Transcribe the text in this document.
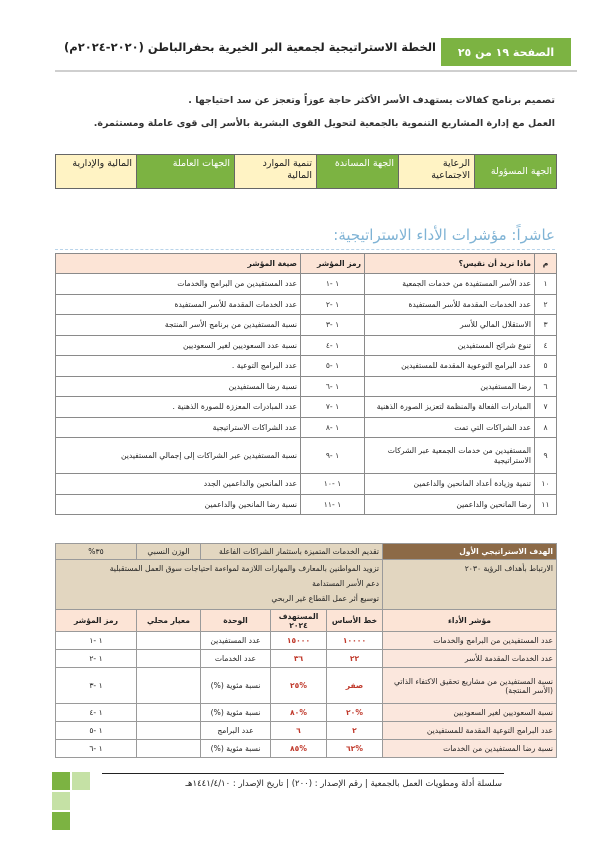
الصفحة ١٩ من ٢٥
الخطة الاستراتيجية لجمعية البر الخيرية بحفرالباطن (٢٠٢٠-٢٠٢٤م)
تصميم برنامج كفالات يستهدف الأسر الأكثر حاجة عوزاً وتعجز عن سد احتياجها .
العمل مع إدارة المشاريع التنموية بالجمعية لتحويل القوى البشرية بالأسر إلى قوى عاملة ومستثمرة.
الجهة المسؤولة	الرعاية الاجتماعية	الجهة المساندة	تنمية الموارد المالية	الجهات العاملة	المالية والإدارية
عاشراً: مؤشرات الأداء الاستراتيجية:
م	ماذا نريد أن نقيس؟	رمز المؤشر	صيغة المؤشر
١	عدد الأسر المستفيدة من خدمات الجمعية	١ -١	عدد المستفيدين من البرامج والخدمات
٢	عدد الخدمات المقدمة للأسر المستفيدة	١ -٢	عدد الخدمات المقدمة للأسر المستفيدة
٣	الاستقلال المالي للأسر	١ -٣	نسبة المستفيدين من برنامج الأسر المنتجة
٤	تنوع شرائح المستفيدين	١ -٤	نسبة عدد السعوديين لغير السعوديين
٥	عدد البرامج التوعوية المقدمة للمستفيدين	١ -٥	عدد البرامج التوعية .
٦	رضا المستفيدين	١ -٦	نسبة رضا المستفيدين
٧	المبادرات الفعالة والمنظمة لتعزيز الصورة الذهنية	١ -٧	عدد المبادرات المعززة للصورة الذهنية .
٨	عدد الشراكات التي تمت	١ -٨	عدد الشراكات الاستراتيجية
٩	المستفيدين من خدمات الجمعية عبر الشركات الاستراتيجية	١ -٩	نسبة المستفيدين عبر الشراكات إلى إجمالي المستفيدين
١٠	تنمية وزيادة أعداد المانحين والداعمين	١ -١٠	عدد المانحين والداعمين الجدد
١١	رضا المانحين والداعمين	١ -١١	نسبة رضا المانحين والداعمين
الهدف الاستراتيجي الأول	تقديم الخدمات المتميزة باستثمار الشراكات الفاعلة			الوزن النسبي	٣٥%
الارتباط بأهداف الرؤية ٢٠٣٠	تزويد المواطنين بالمعارف والمهارات اللازمة لمواءمة احتياجات سوق العمل المستقبلية
دعم الأسر المستدامة
توسيع أثر عمل القطاع غير الربحي				

مؤشر الأداء	خط الأساس	المستهدف ٢٠٢٤	الوحدة	معيار محلي	رمز المؤشر
عدد المستفيدين من البرامج والخدمات	١٠٠٠٠	١٥٠٠٠	عدد المستفيدين		١ -١
عدد الخدمات المقدمة للأسر	٢٢	٣٦	عدد الخدمات		١ -٢
نسبة المستفيدين من مشاريع تحقيق الاكتفاء الذاتي (الأسر المنتجة)	صفر	%٢٥	نسبة مئوية (%)		١ -٣
نسبة السعوديين لغير السعوديين	%٢٠	%٨٠	نسبة مئوية (%)		١ -٤
عدد البرامج التوعية المقدمة للمستفيدين	٢	٦	عدد البرامج		١ -٥
نسبة رضا المستفيدين من الخدمات	%٦٢	%٨٥	نسبة مئوية (%)		١ -٦
سلسلة أدلة ومطويات العمل بالجمعية | رقم الإصدار : (٢٠٠) | تاريخ الإصدار : ١٤٤١/٤/١٠هـ
